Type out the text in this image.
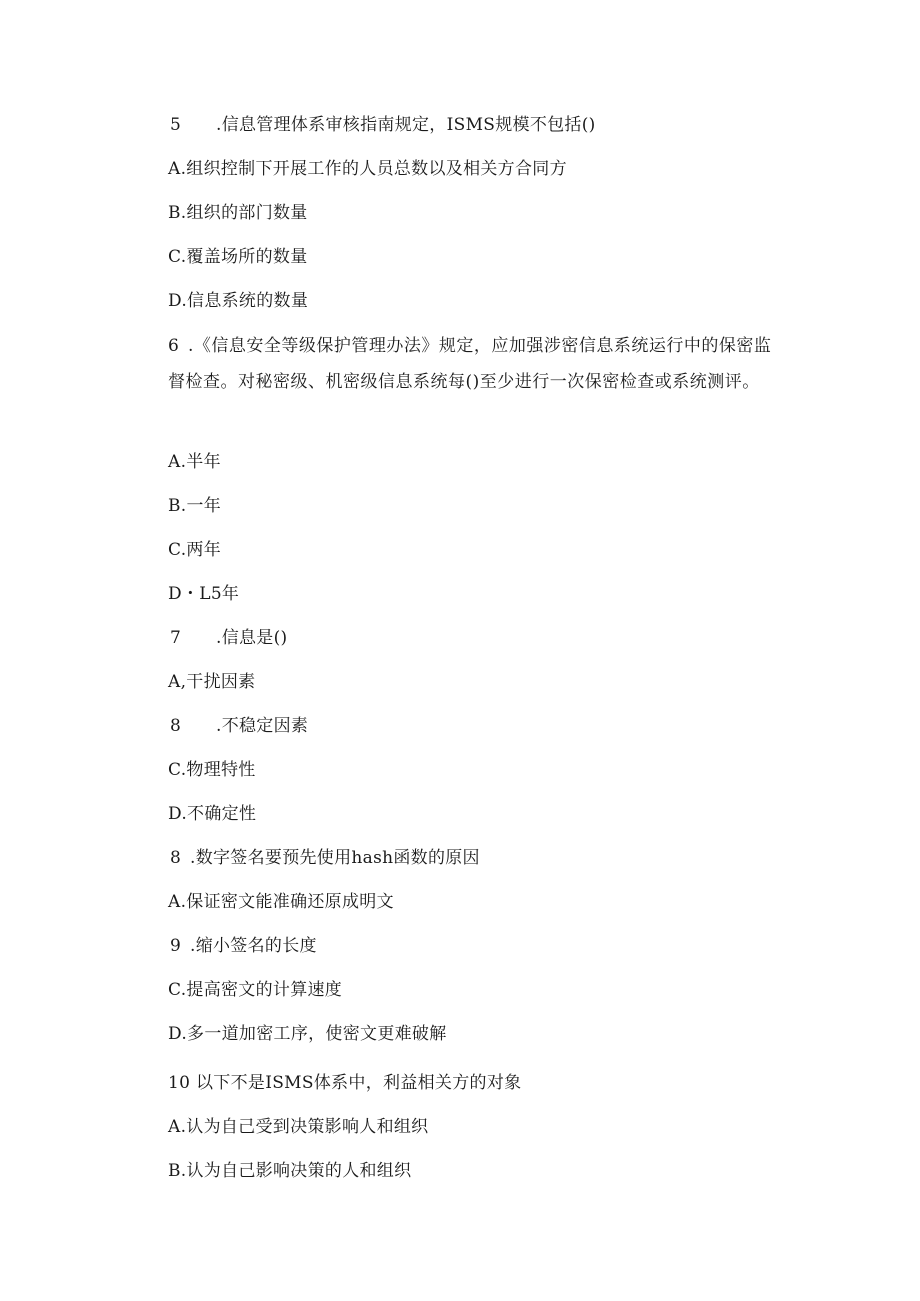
5 .信息管理体系审核指南规定，ISMS规模不包括()
A.组织控制下开展工作的人员总数以及相关方合同方
B.组织的部门数量
C.覆盖场所的数量
D.信息系统的数量
6 .《信息安全等级保护管理办法》规定，应加强涉密信息系统运行中的保密监督检查。对秘密级、机密级信息系统每()至少进行一次保密检查或系统测评。
A.半年
B.一年
C.两年
D・L5年
7 .信息是()
A,干扰因素
8 .不稳定因素
C.物理特性
D.不确定性
8 .数字签名要预先使用hash函数的原因
A.保证密文能准确还原成明文
9 .缩小签名的长度
C.提高密文的计算速度
D.多一道加密工序，使密文更难破解
10 以下不是ISMS体系中，利益相关方的对象
A.认为自己受到决策影响人和组织
B.认为自己影响决策的人和组织
